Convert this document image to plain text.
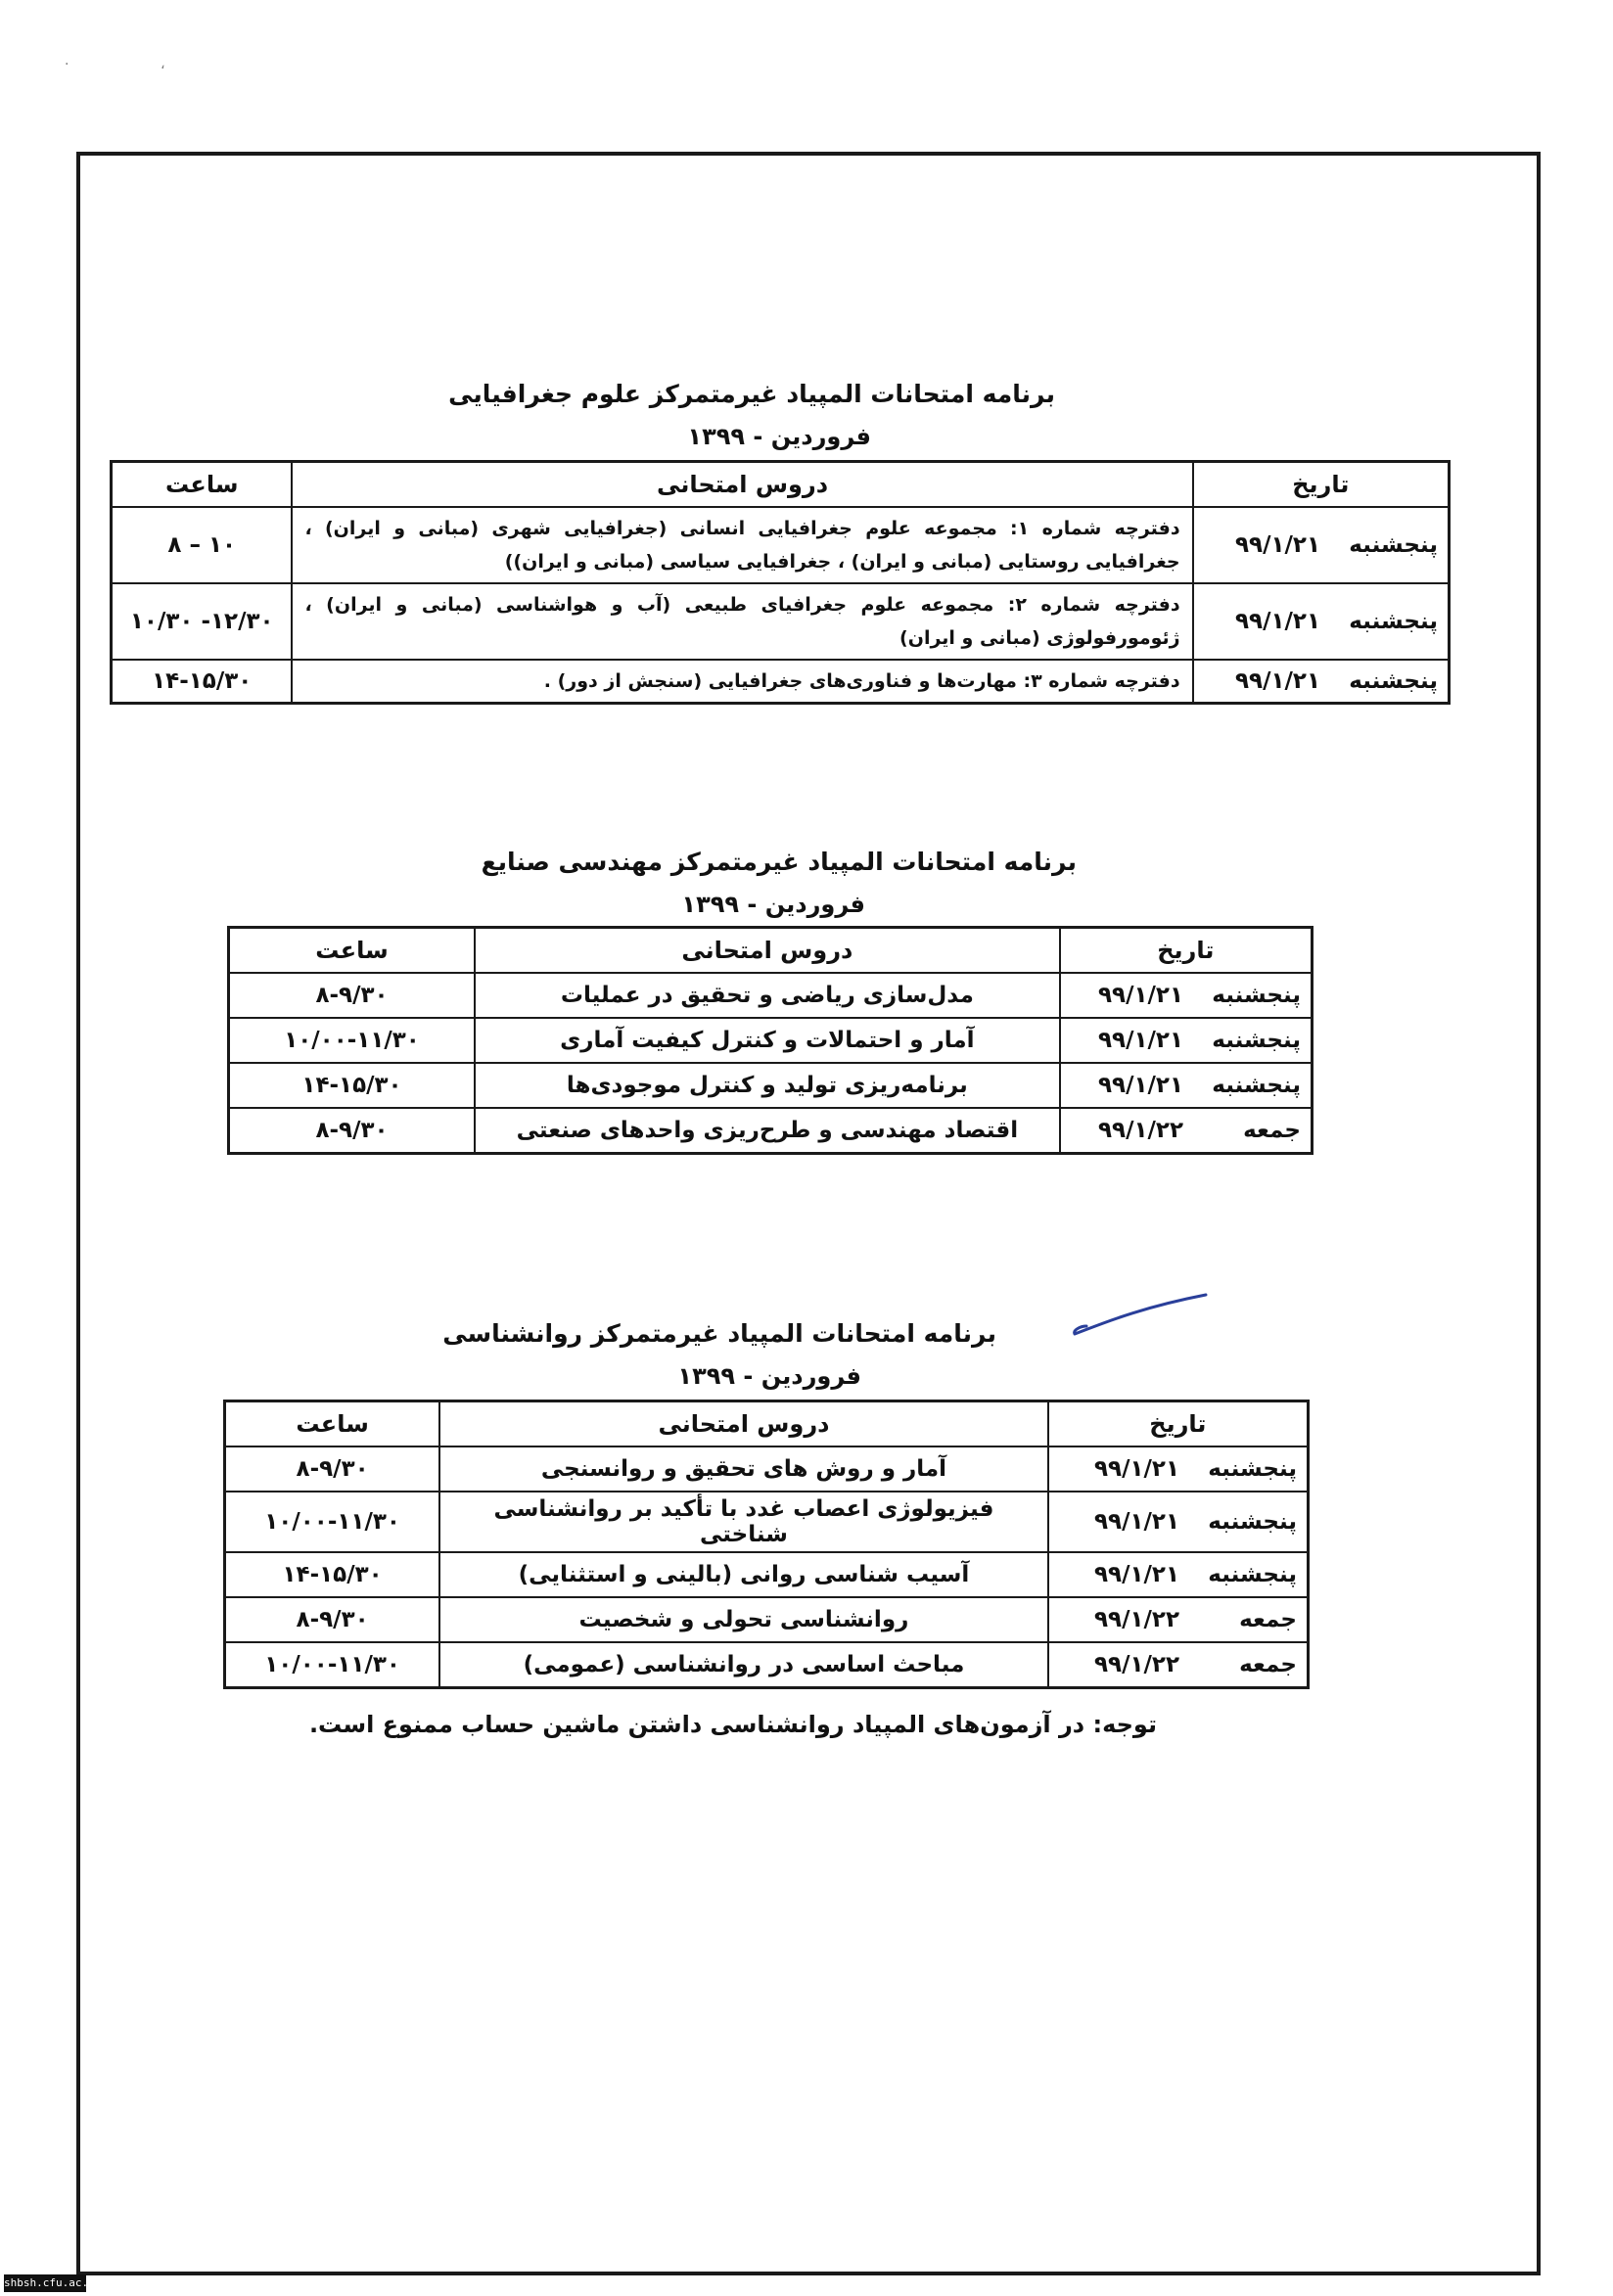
·	،
برنامه امتحانات المپیاد غیرمتمرکز علوم جغرافیایی
فروردین - ۱۳۹۹
تاریخ	دروس امتحانی	ساعت
پنجشنبه۹۹/۱/۲۱	دفترچه شماره ۱: مجموعه علوم جغرافیایی انسانی (جغرافیایی شهری (مبانی و ایران) ، جغرافیایی روستایی (مبانی و ایران) ، جغرافیایی سیاسی (مبانی و ایران))	۸ – ۱۰
پنجشنبه۹۹/۱/۲۱	دفترچه شماره ۲: مجموعه علوم جغرافیای طبیعی (آب و هواشناسی (مبانی و ایران) ، ژئومورفولوژی (مبانی و ایران)	۱۰/۳۰ -۱۲/۳۰
پنجشنبه۹۹/۱/۲۱	دفترچه شماره ۳: مهارت‌ها و فناوری‌های جغرافیایی (سنجش از دور) .	۱۴-۱۵/۳۰
برنامه امتحانات المپیاد غیرمتمرکز مهندسی صنایع
فروردین - ۱۳۹۹
تاریخ	دروس امتحانی	ساعت
پنجشنبه۹۹/۱/۲۱	مدل‌سازی ریاضی و تحقیق در عملیات	۸-۹/۳۰
پنجشنبه۹۹/۱/۲۱	آمار و احتمالات و کنترل کیفیت آماری	۱۰/۰۰-۱۱/۳۰
پنجشنبه۹۹/۱/۲۱	برنامه‌ریزی تولید و کنترل موجودی‌ها	۱۴-۱۵/۳۰
جمعه۹۹/۱/۲۲	اقتصاد مهندسی و طرح‌ریزی واحدهای صنعتی	۸-۹/۳۰
برنامه امتحانات المپیاد غیرمتمرکز روانشناسی
فروردین - ۱۳۹۹
تاریخ	دروس امتحانی	ساعت
پنجشنبه۹۹/۱/۲۱	آمار و روش های تحقیق و روانسنجی	۸-۹/۳۰
پنجشنبه۹۹/۱/۲۱	فیزیولوژی اعصاب غدد با تأکید بر روانشناسی شناختی	۱۰/۰۰-۱۱/۳۰
پنجشنبه۹۹/۱/۲۱	آسیب شناسی روانی (بالینی و استثنایی)	۱۴-۱۵/۳۰
جمعه۹۹/۱/۲۲	روانشناسی تحولی و شخصیت	۸-۹/۳۰
جمعه۹۹/۱/۲۲	مباحث اساسی در روانشناسی (عمومی)	۱۰/۰۰-۱۱/۳۰
توجه: در آزمون‌های المپیاد روانشناسی داشتن ماشین حساب ممنوع است.
shbsh.cfu.ac.ir
